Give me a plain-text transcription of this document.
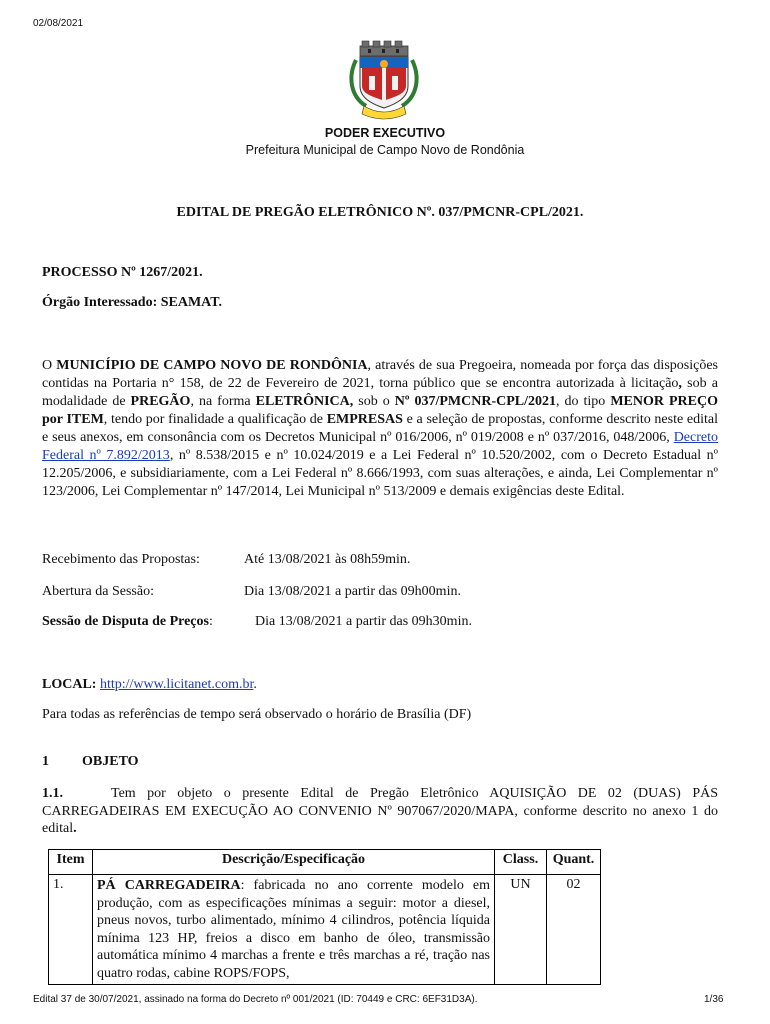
02/08/2021
PODER EXECUTIVO
Prefeitura Municipal de Campo Novo de Rondônia
EDITAL DE PREGÃO ELETRÔNICO Nº. 037/PMCNR-CPL/2021.
PROCESSO Nº 1267/2021.
Órgão Interessado: SEAMAT.

O MUNICÍPIO DE CAMPO NOVO DE RONDÔNIA, através de sua Pregoeira, nomeada por força das disposições contidas na Portaria n° 158, de 22 de Fevereiro de 2021, torna público que se encontra autorizada à licitação, sob a modalidade de PREGÃO, na forma ELETRÔNICA, sob o Nº 037/PMCNR-CPL/2021, do tipo MENOR PREÇO por ITEM, tendo por finalidade a qualificação de EMPRESAS e a seleção de propostas, conforme descrito neste edital e seus anexos, em consonância com os Decretos Municipal nº 016/2006, nº 019/2008 e nº 037/2016, 048/2006, Decreto Federal nº 7.892/2013, nº 8.538/2015 e nº 10.024/2019 e a Lei Federal nº 10.520/2002, com o Decreto Estadual nº 12.205/2006, e subsidiariamente, com a Lei Federal nº 8.666/1993, com suas alterações, e ainda, Lei Complementar nº 123/2006, Lei Complementar nº 147/2014, Lei Municipal nº 513/2009 e demais exigências deste Edital.

Recebimento das Propostas:	Até 13/08/2021 às 08h59min.
Abertura da Sessão:	Dia 13/08/2021 a partir das 09h00min.
Sessão de Disputa de Preços:	Dia 13/08/2021 a partir das 09h30min.
LOCAL: http://www.licitanet.com.br.
Para todas as referências de tempo será observado o horário de Brasília (DF)
1 OBJETO

1.1.	Tem por objeto o presente Edital de Pregão Eletrônico AQUISIÇÃO DE 02 (DUAS) PÁS CARREGADEIRAS EM EXECUÇÃO AO CONVENIO Nº 907067/2020/MAPA, conforme descrito no anexo 1 do edital.

Item	Descrição/Especificação	Class.	Quant.
1.	PÁ CARREGADEIRA: fabricada no ano corrente modelo em produção, com as especificações mínimas a seguir: motor a diesel, pneus novos, turbo alimentado, mínimo 4 cilindros, potência líquida mínima 123 HP, freios a disco em banho de óleo, transmissão automática mínimo 4 marchas a frente e três marchas a ré, tração nas quatro rodas, cabine ROPS/FOPS,	UN	02
Edital 37 de 30/07/2021, assinado na forma do Decreto nº 001/2021 (ID: 70449 e CRC: 6EF31D3A).	1/36
